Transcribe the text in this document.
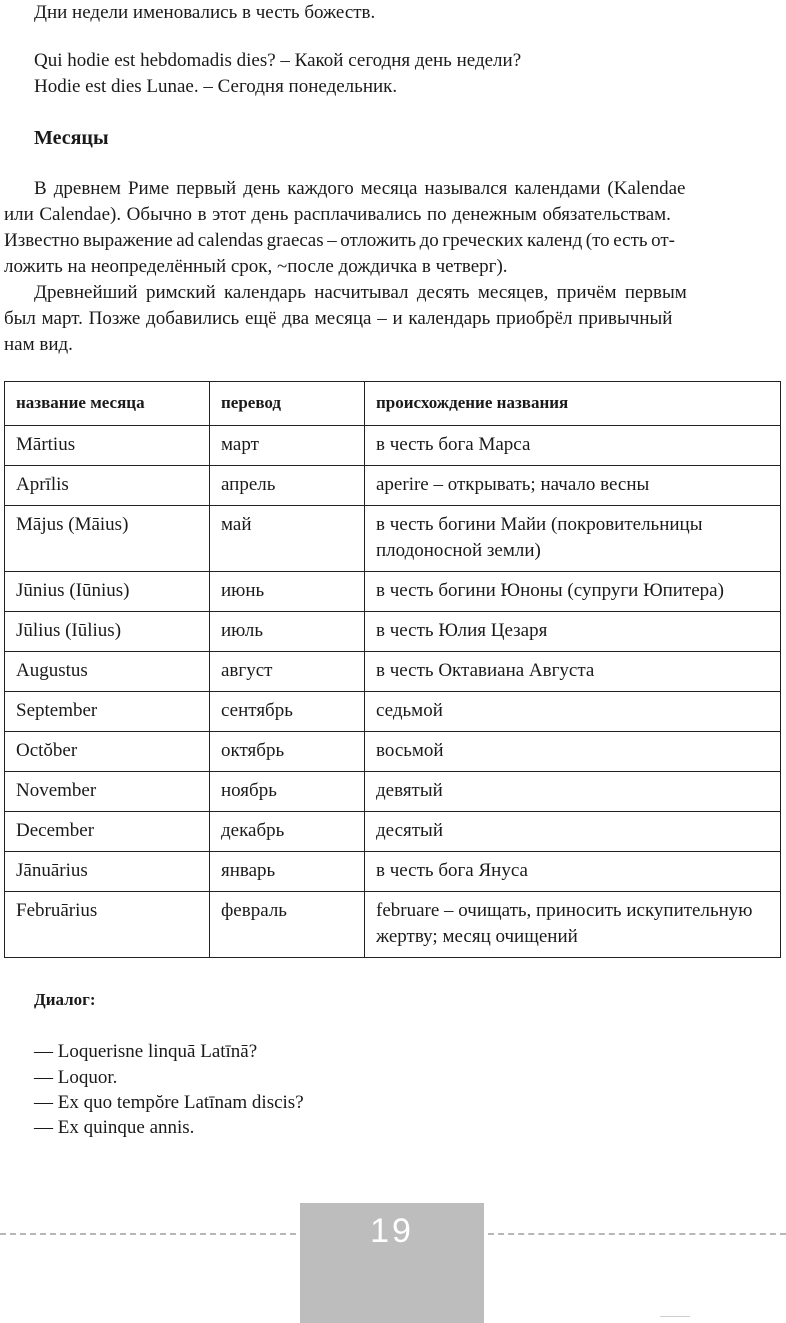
Дни недели именовались в честь божеств.
Qui hodie est hebdomadis dies? – Какой сегодня день недели?
Hodie est dies Lunae. – Сегодня понедельник.
Месяцы
В древнем Риме первый день каждого месяца назывался календами (Kalendae
или Calendae). Обычно в этот день расплачивались по денежным обязательствам.
Известно выражение ad calendas graecas – отложить до греческих календ (то есть от-
ложить на неопределённый срок, ~после дождичка в четверг).
Древнейший римский календарь насчитывал десять месяцев, причём первым
был март. Позже добавились ещё два месяца – и календарь приобрёл привычный
нам вид.
название месяца	перевод	происхождение названия
Mārtius	март	в честь бога Марса
Aprīlis	апрель	aperire – открывать; начало весны
Mājus (Māius)	май	в честь богини Майи (покровительницы плодоносной земли)
Jūnius (Iūnius)	июнь	в честь богини Юноны (супруги Юпитера)
Jūlius (Iūlius)	июль	в честь Юлия Цезаря
Augustus	август	в честь Октавиана Августа
September	сентябрь	седьмой
Octŏber	октябрь	восьмой
November	ноябрь	девятый
December	декабрь	десятый
Jānuārius	январь	в честь бога Януса
Februārius	февраль	februare – очищать, приносить искупительную жертву; месяц очищений
Диалог:
— Loquerisne linquā Latīnā?
— Loquor.
— Ex quo tempŏre Latīnam discis?
— Ex quinque annis.
19
